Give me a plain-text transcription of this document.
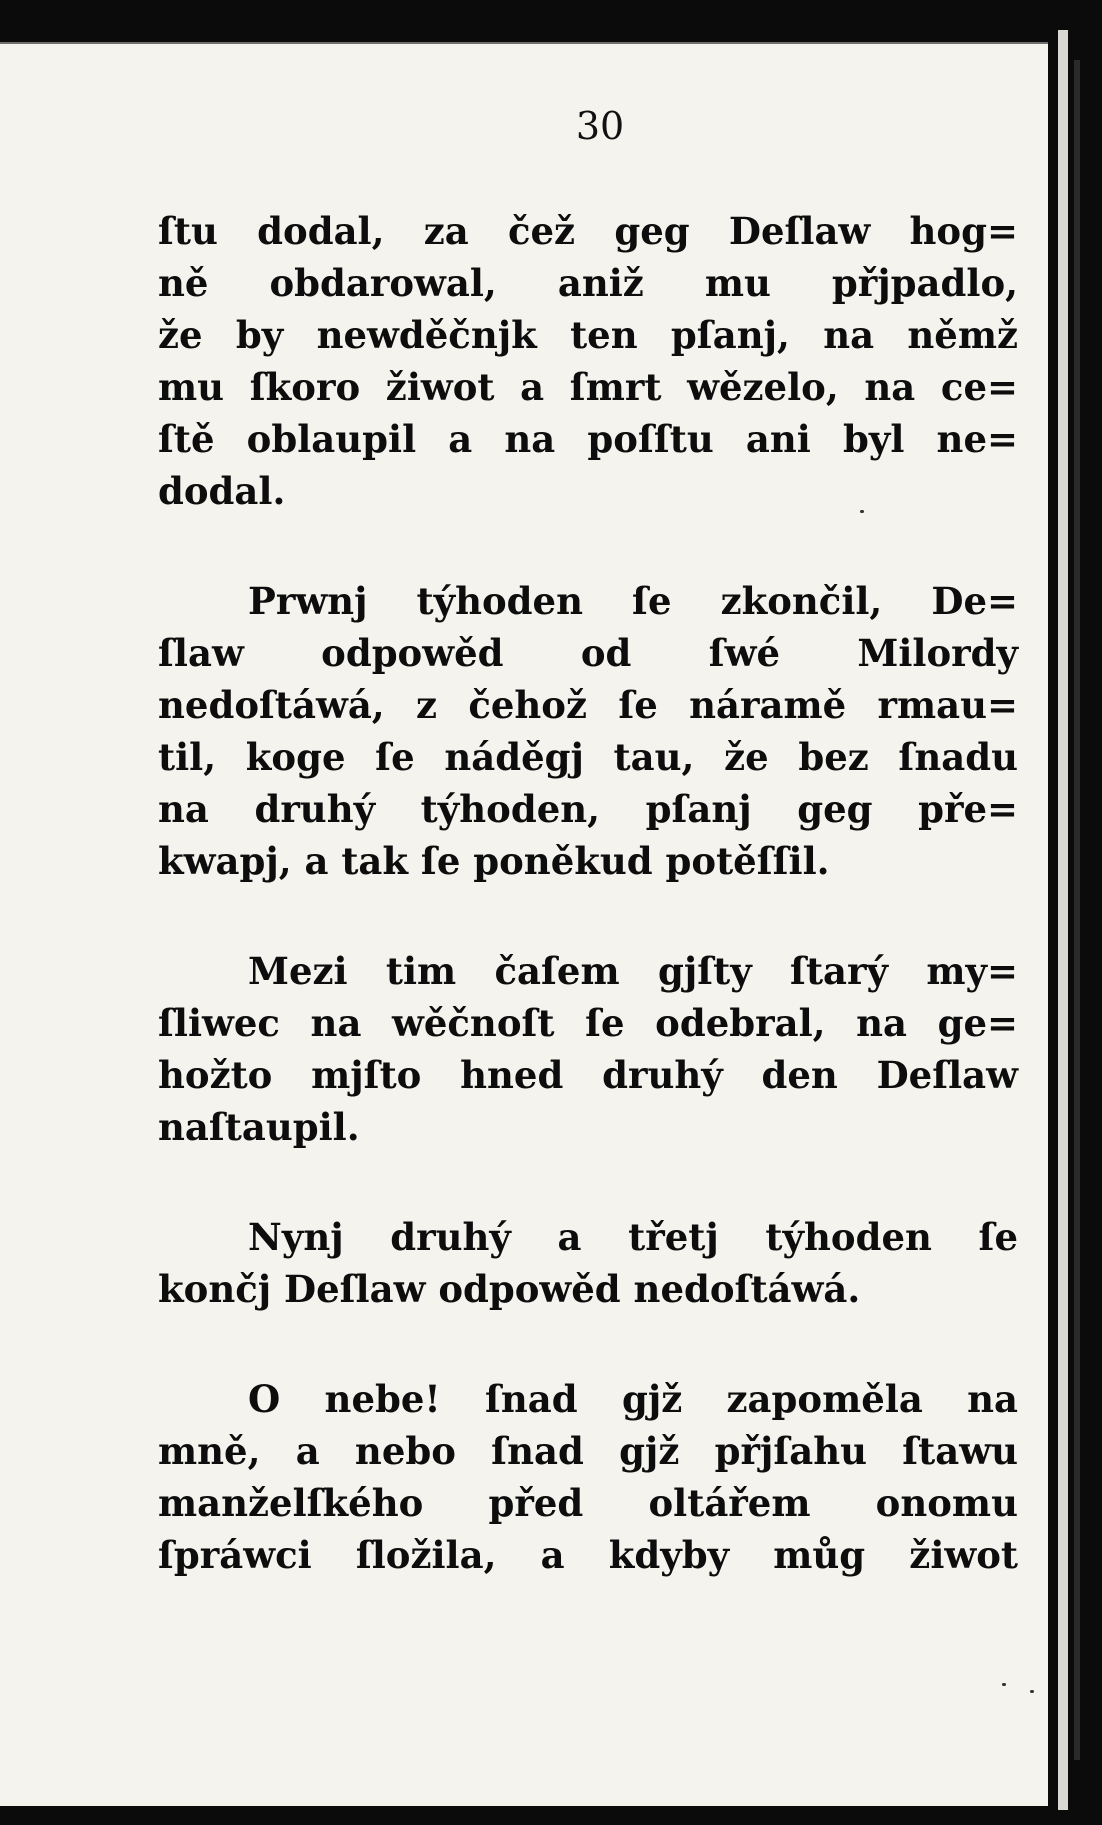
30
ſtu dodal, za čež geg Deſlaw hog=
ně obdarowal, aniž mu přjpadlo,
že by newděčnjk ten pſanj, na němž
mu ſkoro žiwot a ſmrt wězelo, na ce=
ſtě oblaupil a na poſſtu ani byl ne=
dodal.
Prwnj týhoden ſe zkončil, De=
ſlaw odpowěd od ſwé Milordy
nedoſtáwá, z čehož ſe náramě rmau=
til, koge ſe náděgj tau, že bez ſnadu
na druhý týhoden, pſanj geg pře=
kwapj, a tak ſe poněkud potěſſil.
Mezi tim čaſem gjſty ſtarý my=
ſliwec na wěčnoſt ſe odebral, na ge=
hožto mjſto hned druhý den Deſlaw
naſtaupil.
Nynj druhý a třetj týhoden ſe
končj Deſlaw odpowěd nedoſtáwá.
O nebe! ſnad gjž zapoměla na
mně, a nebo ſnad gjž přjſahu ſtawu
manželſkého před oltářem onomu
ſpráwci ſložila, a kdyby můg žiwot
